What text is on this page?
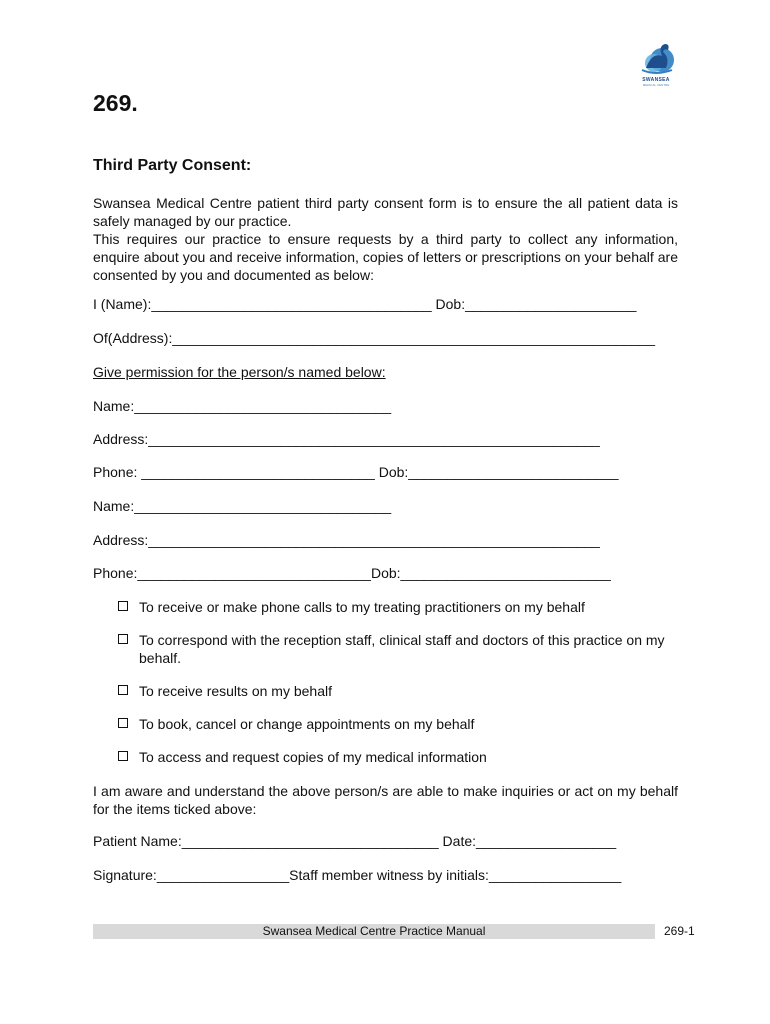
SWANSEA
MEDICAL CENTRE
269.
Third Party Consent:

Swansea Medical Centre patient third party consent form is to ensure the all patient data is safely managed by our practice.

This requires our practice to ensure requests by a third party to collect any information, enquire about you and receive information, copies of letters or prescriptions on your behalf are consented by you and documented as below:

I (Name):____________________________________ Dob:______________________
Of(Address):______________________________________________________________
Give permission for the person/s named below:
Name:_________________________________
Address:__________________________________________________________
Phone: ______________________________ Dob:___________________________
Name:_________________________________
Address:__________________________________________________________
Phone:______________________________Dob:___________________________
To receive or make phone calls to my treating practitioners on my behalf
To correspond with the reception staff, clinical staff and doctors of this practice on my behalf.
To receive results on my behalf
To book, cancel or change appointments on my behalf
To access and request copies of my medical information

I am aware and understand the above person/s are able to make inquiries or act on my behalf for the items ticked above:

Patient Name:_________________________________ Date:__________________
Signature:_________________Staff member witness by initials:_________________
Swansea Medical Centre Practice Manual	269-1
